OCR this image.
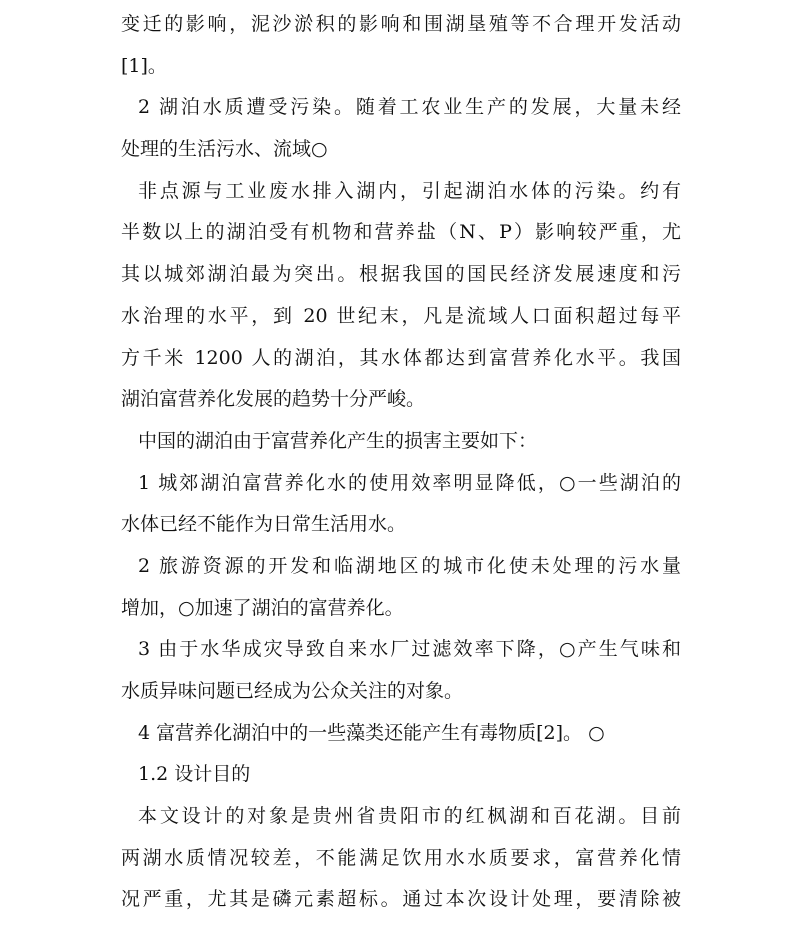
变迁的影响，泥沙淤积的影响和围湖垦殖等不合理开发活动
[1]。
2 湖泊水质遭受污染。随着工农业生产的发展，大量未经
处理的生活污水、流域○
非点源与工业废水排入湖内，引起湖泊水体的污染。约有
半数以上的湖泊受有机物和营养盐（N、P）影响较严重，尤
其以城郊湖泊最为突出。根据我国的国民经济发展速度和污
水治理的水平，到 20 世纪末，凡是流域人口面积超过每平
方千米 1200 人的湖泊，其水体都达到富营养化水平。我国
湖泊富营养化发展的趋势十分严峻。
中国的湖泊由于富营养化产生的损害主要如下：
1 城郊湖泊富营养化水的使用效率明显降低，○一些湖泊的
水体已经不能作为日常生活用水。
2 旅游资源的开发和临湖地区的城市化使未处理的污水量
增加，○加速了湖泊的富营养化。
3 由于水华成灾导致自来水厂过滤效率下降，○产生气味和
水质异味问题已经成为公众关注的对象。
4 富营养化湖泊中的一些藻类还能产生有毒物质[2]。 ○
1.2 设计目的
本文设计的对象是贵州省贵阳市的红枫湖和百花湖。目前
两湖水质情况较差，不能满足饮用水水质要求，富营养化情
况严重，尤其是磷元素超标。通过本次设计处理，要清除被
